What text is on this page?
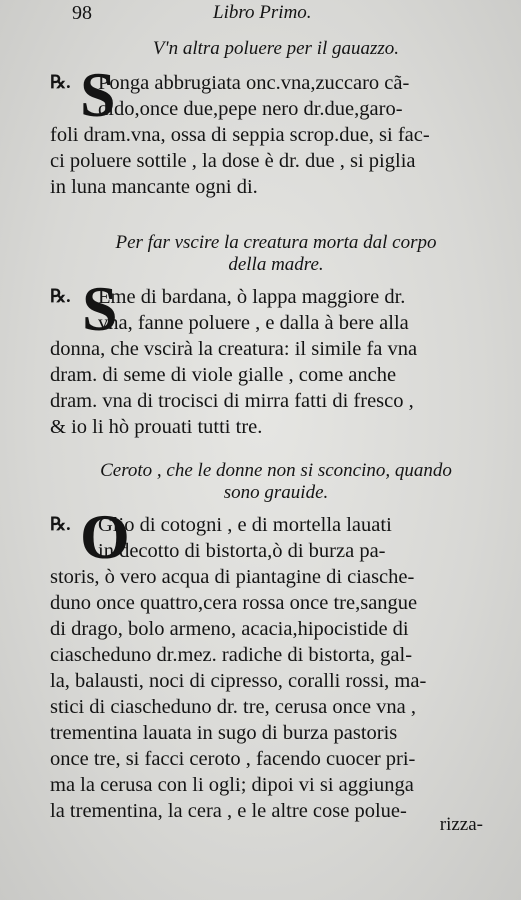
98	Libro Primo.

V'n altra poluere per il gauazzo.

℞. S

Ponga abbrugiata onc.vna,zuccaro cã-

dido,once due,pepe nero dr.due,garo-

foli dram.vna, ossa di seppia scrop.due, si fac-

ci poluere sottile , la dose è dr. due , si piglia

in luna mancante ogni di.

Per far vscire la creatura morta dal corpo

della madre.

℞. S

Eme di bardana, ò lappa maggiore dr.

vna, fanne poluere , e dalla à bere alla

donna, che vscirà la creatura: il simile fa vna

dram. di seme di viole gialle , come anche

dram. vna di trocisci di mirra fatti di fresco ,

& io li hò prouati tutti tre.

Ceroto , che le donne non si sconcino, quando

sono grauide.

℞. O

Glio di cotogni , e di mortella lauati

in decotto di bistorta,ò di burza pa-

storis, ò vero acqua di piantagine di ciasche-

duno once quattro,cera rossa once tre,sangue

di drago, bolo armeno, acacia,hipocistide di

ciascheduno dr.mez. radiche di bistorta, gal-

la, balausti, noci di cipresso, coralli rossi, ma-

stici di ciascheduno dr. tre, cerusa once vna ,

trementina lauata in sugo di burza pastoris

once tre, si facci ceroto , facendo cuocer pri-

ma la cerusa con li ogli; dipoi vi si aggiunga

la trementina, la cera , e le altre cose polue-

rizza-
